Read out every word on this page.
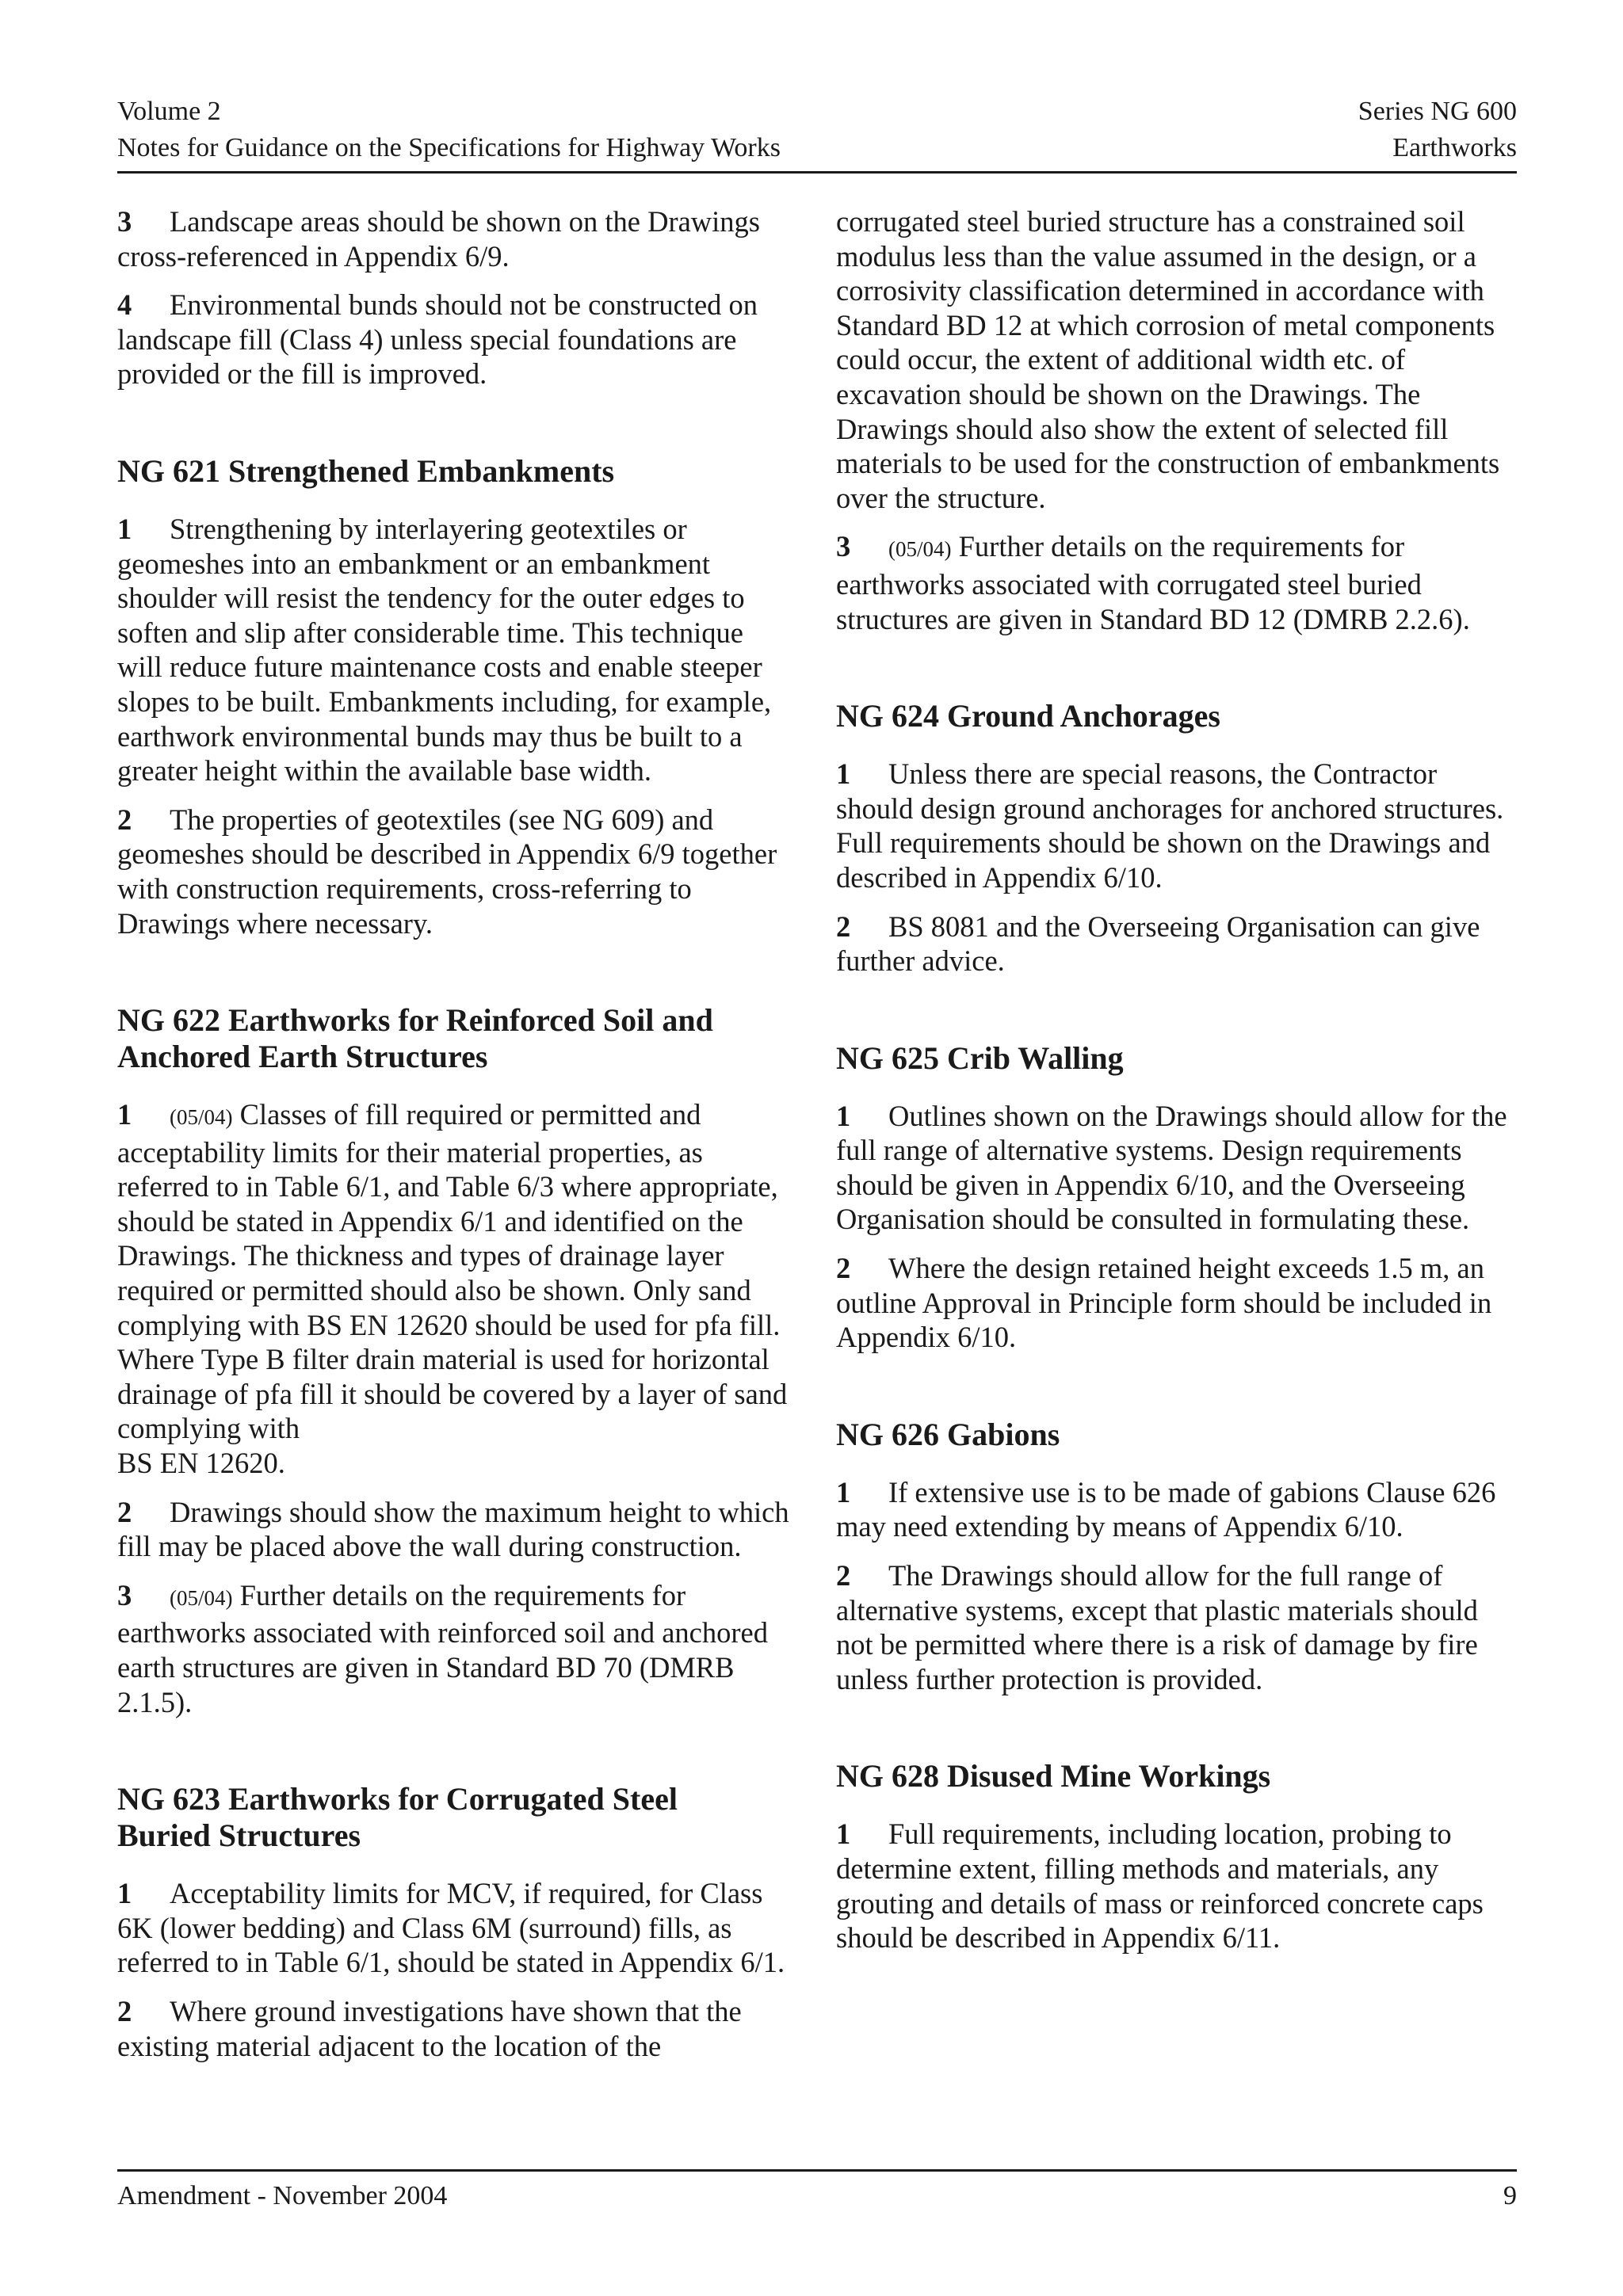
Volume 2
Notes for Guidance on the Specifications for Highway Works
Series NG 600
Earthworks

3 Landscape areas should be shown on the Drawings cross-referenced in Appendix 6/9.

4 Environmental bunds should not be constructed on landscape fill (Class 4) unless special foundations are provided or the fill is improved.

NG 621 Strengthened Embankments

1 Strengthening by interlayering geotextiles or geomeshes into an embankment or an embankment shoulder will resist the tendency for the outer edges to soften and slip after considerable time. This technique will reduce future maintenance costs and enable steeper slopes to be built. Embankments including, for example, earthwork environmental bunds may thus be built to a greater height within the available base width.

2 The properties of geotextiles (see NG 609) and geomeshes should be described in Appendix 6/9 together with construction requirements, cross-referring to Drawings where necessary.

NG 622 Earthworks for Reinforced Soil and
Anchored Earth Structures

1 (05/04) Classes of fill required or permitted and acceptability limits for their material properties, as referred to in Table 6/1, and Table 6/3 where appropriate, should be stated in Appendix 6/1 and identified on the Drawings. The thickness and types of drainage layer required or permitted should also be shown. Only sand complying with BS EN 12620 should be used for pfa fill. Where Type B filter drain material is used for horizontal drainage of pfa fill it should be covered by a layer of sand complying with
BS EN 12620.

2 Drawings should show the maximum height to which fill may be placed above the wall during construction.

3 (05/04) Further details on the requirements for earthworks associated with reinforced soil and anchored earth structures are given in Standard BD 70 (DMRB 2.1.5).

NG 623 Earthworks for Corrugated Steel
Buried Structures

1 Acceptability limits for MCV, if required, for Class 6K (lower bedding) and Class 6M (surround) fills, as referred to in Table 6/1, should be stated in Appendix 6/1.

2 Where ground investigations have shown that the existing material adjacent to the location of the

corrugated steel buried structure has a constrained soil modulus less than the value assumed in the design, or a corrosivity classification determined in accordance with Standard BD 12 at which corrosion of metal components could occur, the extent of additional width etc. of excavation should be shown on the Drawings. The Drawings should also show the extent of selected fill materials to be used for the construction of embankments over the structure.

3 (05/04) Further details on the requirements for earthworks associated with corrugated steel buried structures are given in Standard BD 12 (DMRB 2.2.6).

NG 624 Ground Anchorages

1 Unless there are special reasons, the Contractor should design ground anchorages for anchored structures. Full requirements should be shown on the Drawings and described in Appendix 6/10.

2 BS 8081 and the Overseeing Organisation can give further advice.

NG 625 Crib Walling

1 Outlines shown on the Drawings should allow for the full range of alternative systems. Design requirements should be given in Appendix 6/10, and the Overseeing Organisation should be consulted in formulating these.

2 Where the design retained height exceeds 1.5 m, an outline Approval in Principle form should be included in Appendix 6/10.

NG 626 Gabions

1 If extensive use is to be made of gabions Clause 626 may need extending by means of Appendix 6/10.

2 The Drawings should allow for the full range of alternative systems, except that plastic materials should not be permitted where there is a risk of damage by fire unless further protection is provided.

NG 628 Disused Mine Workings

1 Full requirements, including location, probing to determine extent, filling methods and materials, any grouting and details of mass or reinforced concrete caps should be described in Appendix 6/11.

Amendment - November 2004	9
